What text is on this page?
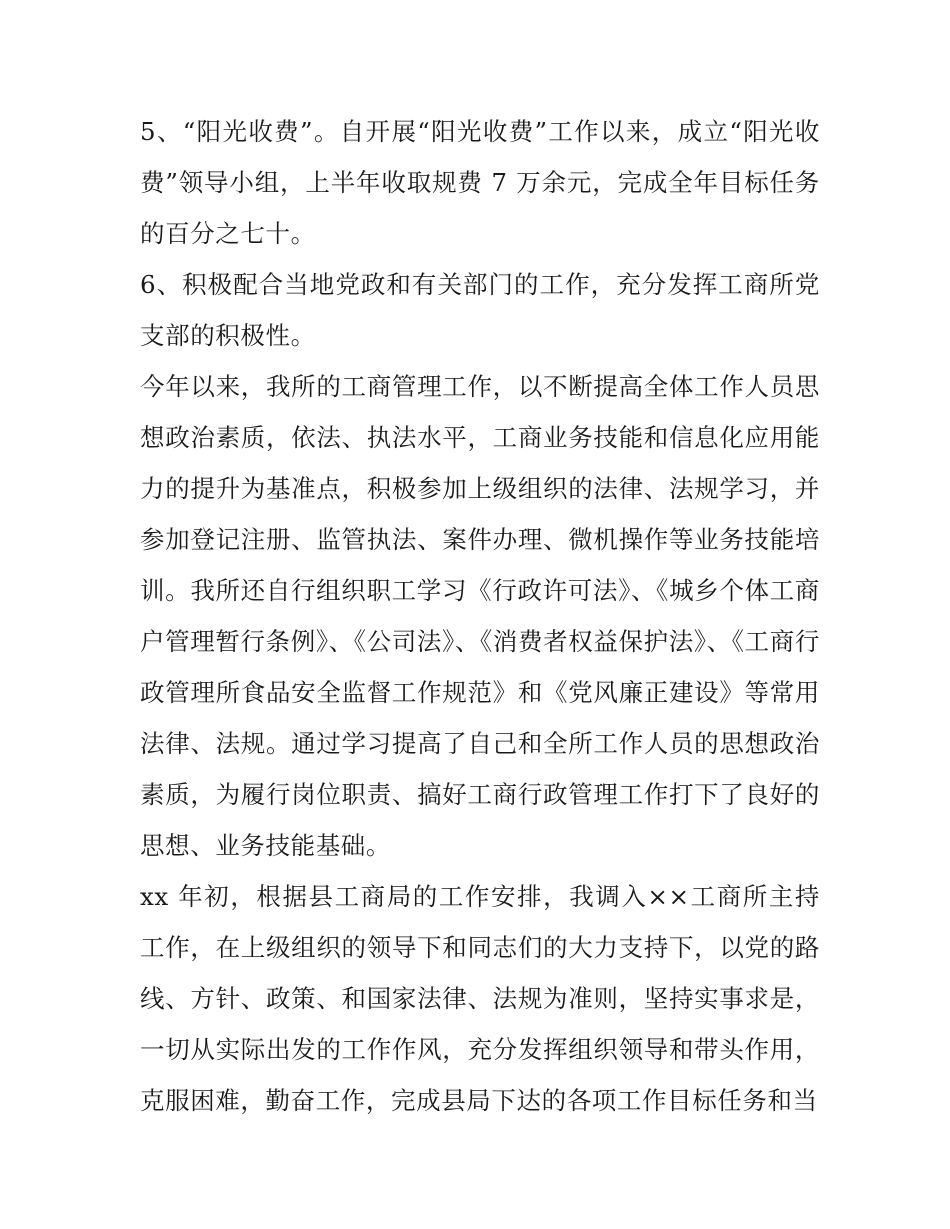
5、“阳光收费”。自开展“阳光收费”工作以来，成立“阳光收费”领导小组，上半年收取规费 7 万余元，完成全年目标任务的百分之七十。

6、积极配合当地党政和有关部门的工作，充分发挥工商所党支部的积极性。

今年以来，我所的工商管理工作，以不断提高全体工作人员思想政治素质，依法、执法水平，工商业务技能和信息化应用能力的提升为基准点，积极参加上级组织的法律、法规学习，并参加登记注册、监管执法、案件办理、微机操作等业务技能培训。我所还自行组织职工学习《行政许可法》、《城乡个体工商户管理暂行条例》、《公司法》、《消费者权益保护法》、《工商行政管理所食品安全监督工作规范》和《党风廉正建设》等常用法律、法规。通过学习提高了自己和全所工作人员的思想政治素质，为履行岗位职责、搞好工商行政管理工作打下了良好的思想、业务技能基础。

xx 年初，根据县工商局的工作安排，我调入××工商所主持工作，在上级组织的领导下和同志们的大力支持下，以党的路线、方针、政策、和国家法律、法规为准则，坚持实事求是，一切从实际出发的工作作风，充分发挥组织领导和带头作用，克服困难，勤奋工作，完成县局下达的各项工作目标任务和当
